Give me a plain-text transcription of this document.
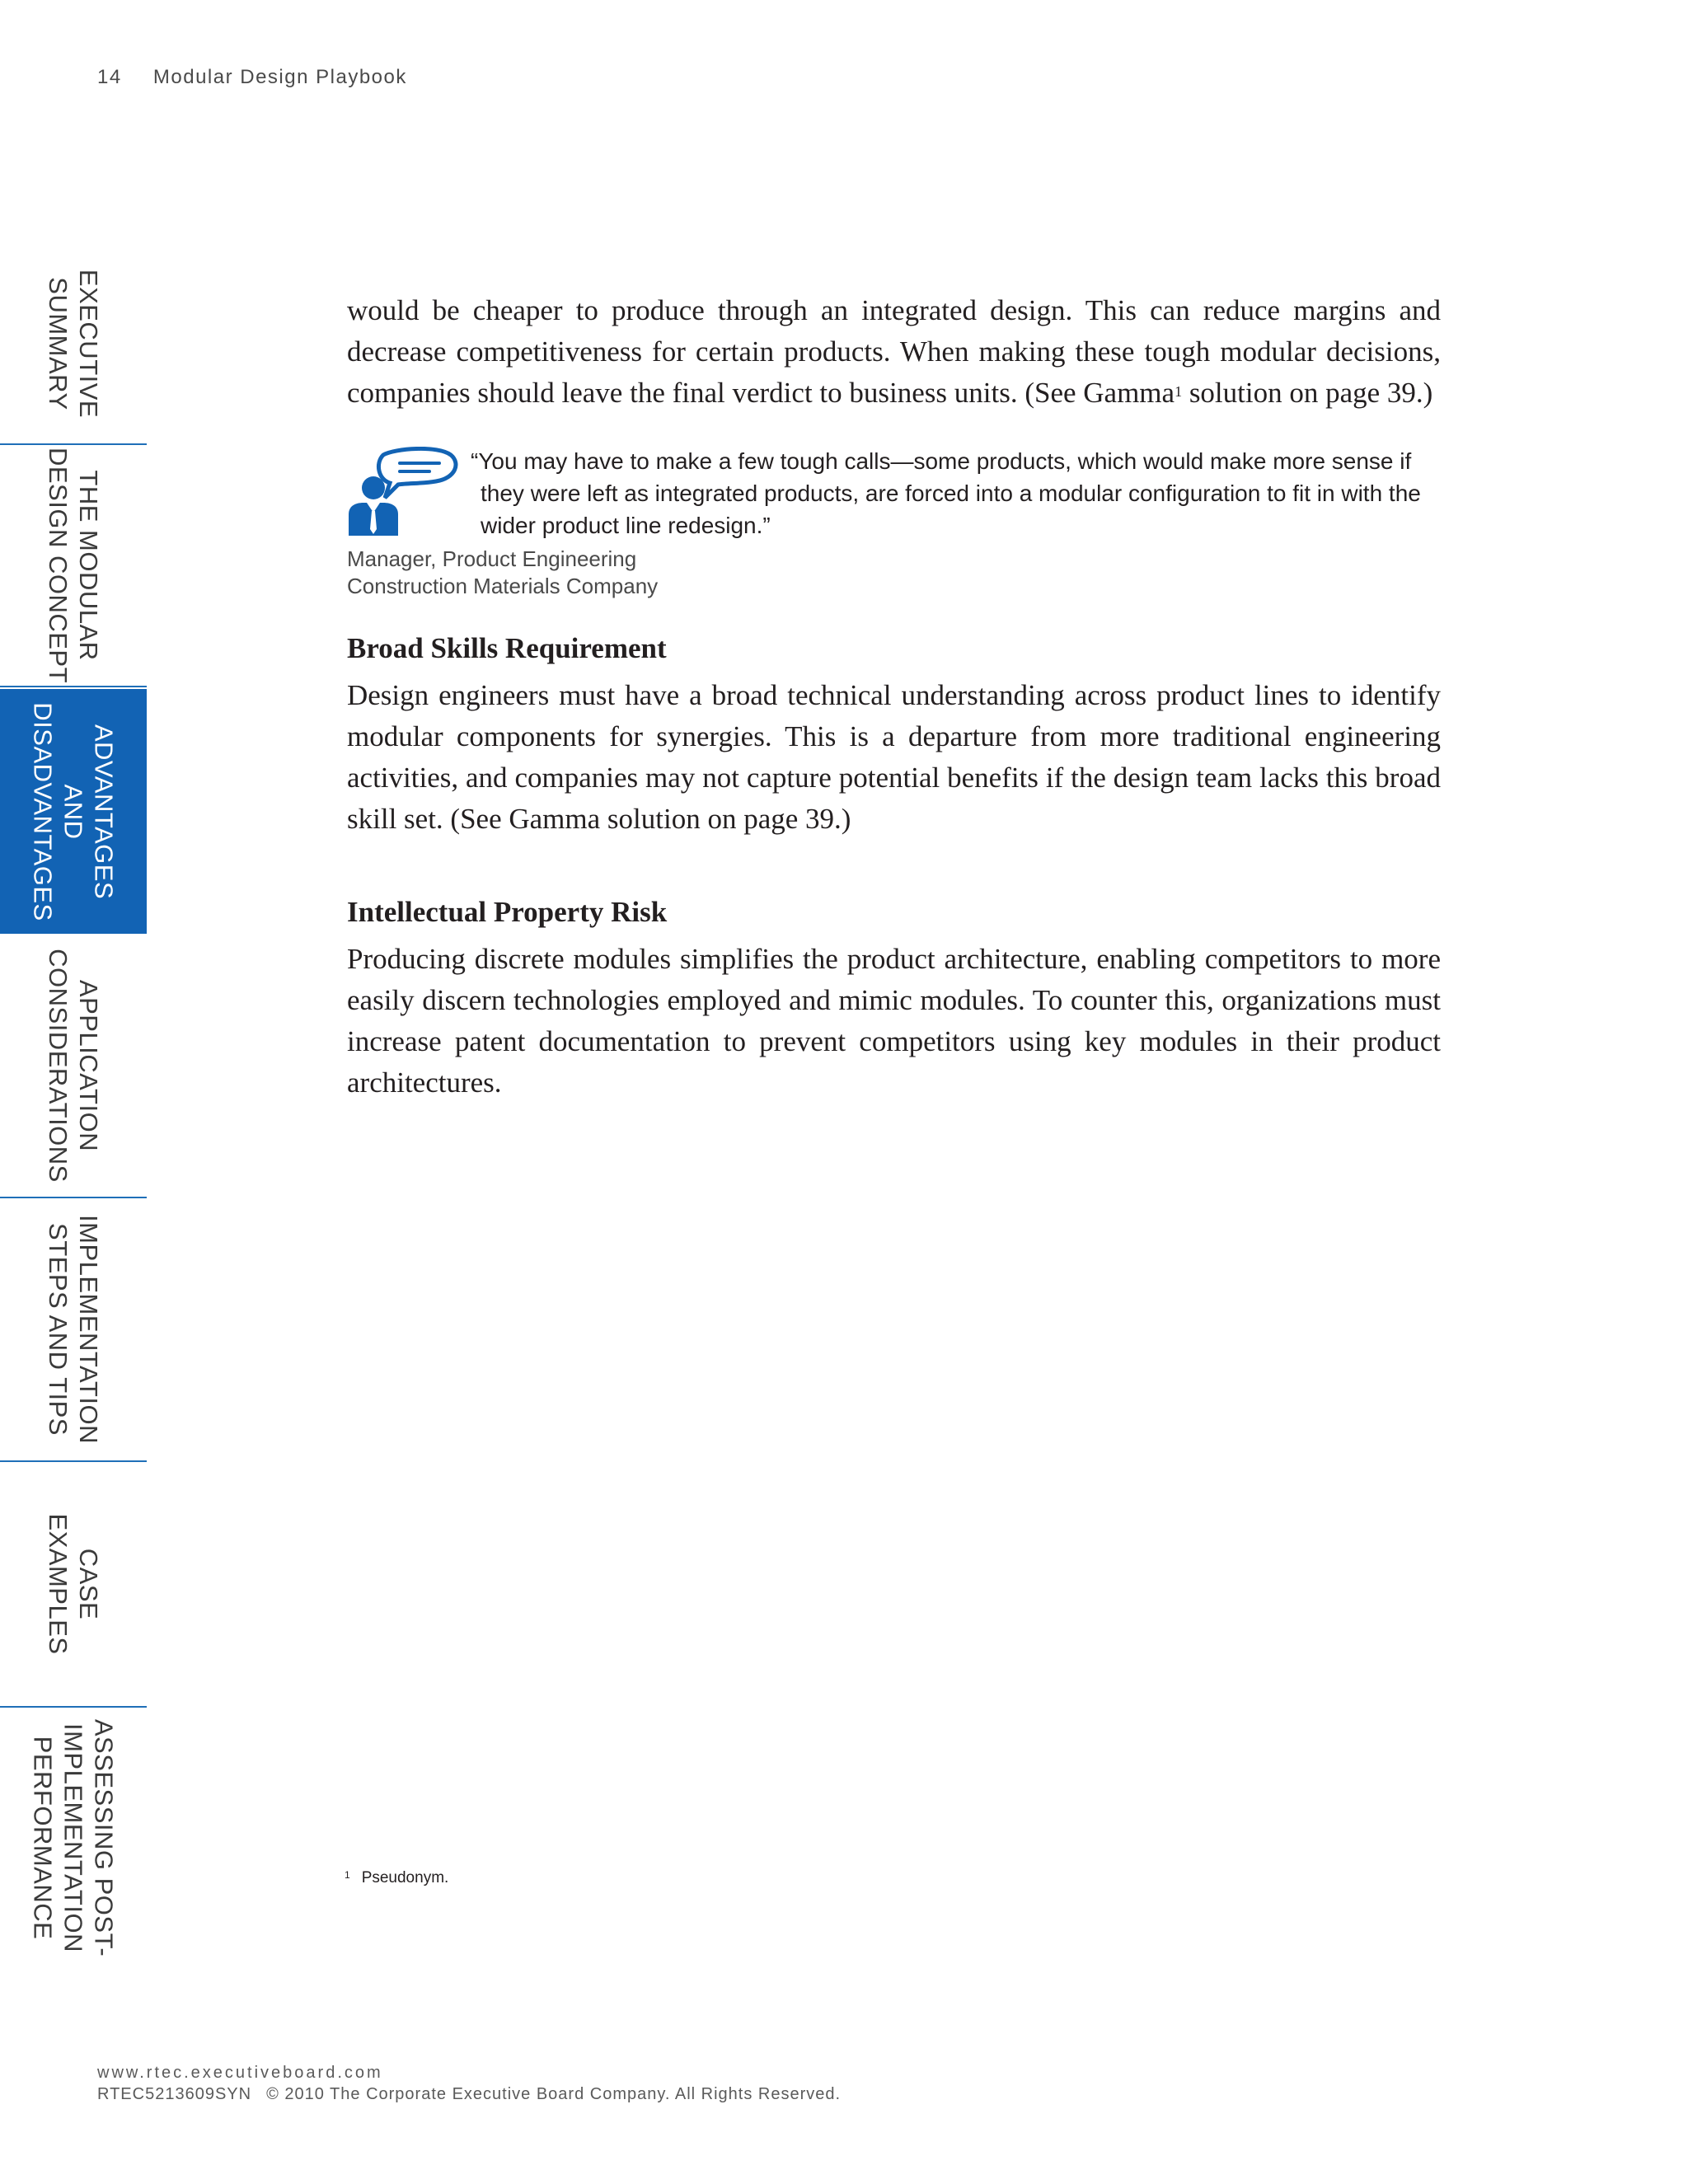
14 Modular Design Playbook
EXECUTIVE
SUMMARY
THE MODULAR
DESIGN CONCEPT
ADVANTAGES
AND
DISADVANTAGES
APPLICATION
CONSIDERATIONS
IMPLEMENTATION
STEPS AND TIPS
CASE
EXAMPLES
ASSESSING POST-
IMPLEMENTATION
PERFORMANCE

would be cheaper to produce through an integrated design. This can reduce margins and decrease competitiveness for certain products. When making these tough modular decisions, companies should leave the final verdict to business units. (See Gamma$^1$ solution on page 39.)

“You may have to make a few tough calls—some products, which would make more sense if they were left as integrated products, are forced into a modular configuration to fit in with the wider product line redesign.”
Manager, Product Engineering
Construction Materials Company
Broad Skills Requirement

Design engineers must have a broad technical understanding across product lines to identify modular components for synergies. This is a departure from more traditional engineering activities, and companies may not capture potential benefits if the design team lacks this broad skill set. (See Gamma solution on page 39.)

Intellectual Property Risk

Producing discrete modules simplifies the product architecture, enabling competitors to more easily discern technologies employed and mimic modules. To counter this, organizations must increase patent documentation to prevent competitors using key modules in their product architectures.

$^1$ Pseudonym.
www.rtec.executiveboard.com
RTEC5213609SYN © 2010 The Corporate Executive Board Company. All Rights Reserved.
